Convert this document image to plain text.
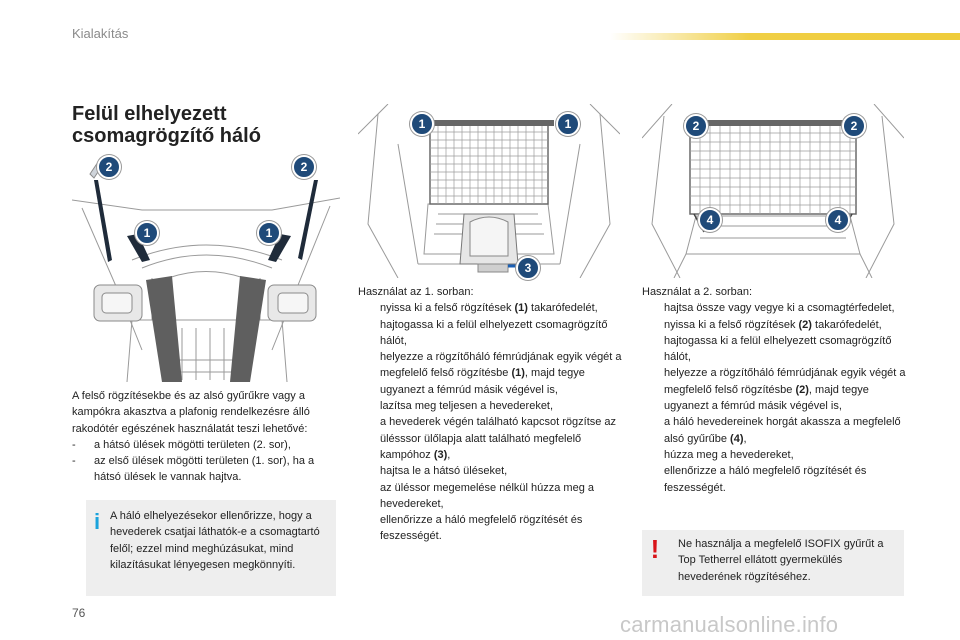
Kialakítás
Felül elhelyezett
csomagrögzítő háló
2	2
1	1
A felső rögzítésekbe és az alsó gyűrűkre vagy a kampókra akasztva a plafonig rendelkezésre álló rakodótér egészének használatát teszi lehetővé:
-	a hátsó ülések mögötti területen (2. sor),
-	az első ülések mögötti területen (1. sor), ha a hátsó ülések le vannak hajtva.
i A háló elhelyezésekor ellenőrizze, hogy a hevederek csatjai láthatók-e a csomagtartó felől; ezzel mind meghúzásukat, mind kilazításukat lényegesen megkönnyíti.
1	1
3
2	2
4	4
Használat az 1. sorban:
nyissa ki a felső rögzítések (1) takarófedelét,
hajtogassa ki a felül elhelyezett csomagrögzítő hálót,
helyezze a rögzítőháló fémrúdjának egyik végét a megfelelő felső rögzítésbe (1), majd tegye ugyanezt a fémrúd másik végével is,
lazítsa meg teljesen a hevedereket,
a hevederek végén található kapcsot rögzítse az ülésssor ülőlapja alatt található megfelelő kampóhoz (3),
hajtsa le a hátsó üléseket,
az üléssor megemelése nélkül húzza meg a hevedereket,
ellenőrizze a háló megfelelő rögzítését és feszességét.
Használat a 2. sorban:
hajtsa össze vagy vegye ki a csomagtérfedelet,
nyissa ki a felső rögzítések (2) takarófedelét,
hajtogassa ki a felül elhelyezett csomagrögzítő hálót,
helyezze a rögzítőháló fémrúdjának egyik végét a megfelelő felső rögzítésbe (2), majd tegye ugyanezt a fémrúd másik végével is,
a háló hevedereinek horgát akassza a megfelelő alsó gyűrűbe (4),
húzza meg a hevedereket,
ellenőrizze a háló megfelelő rögzítését és feszességét.
!	Ne használja a megfelelő ISOFIX gyűrűt a Top Tetherrel ellátott gyermekülés hevederének rögzítéséhez.
76	carmanualsonline.info
